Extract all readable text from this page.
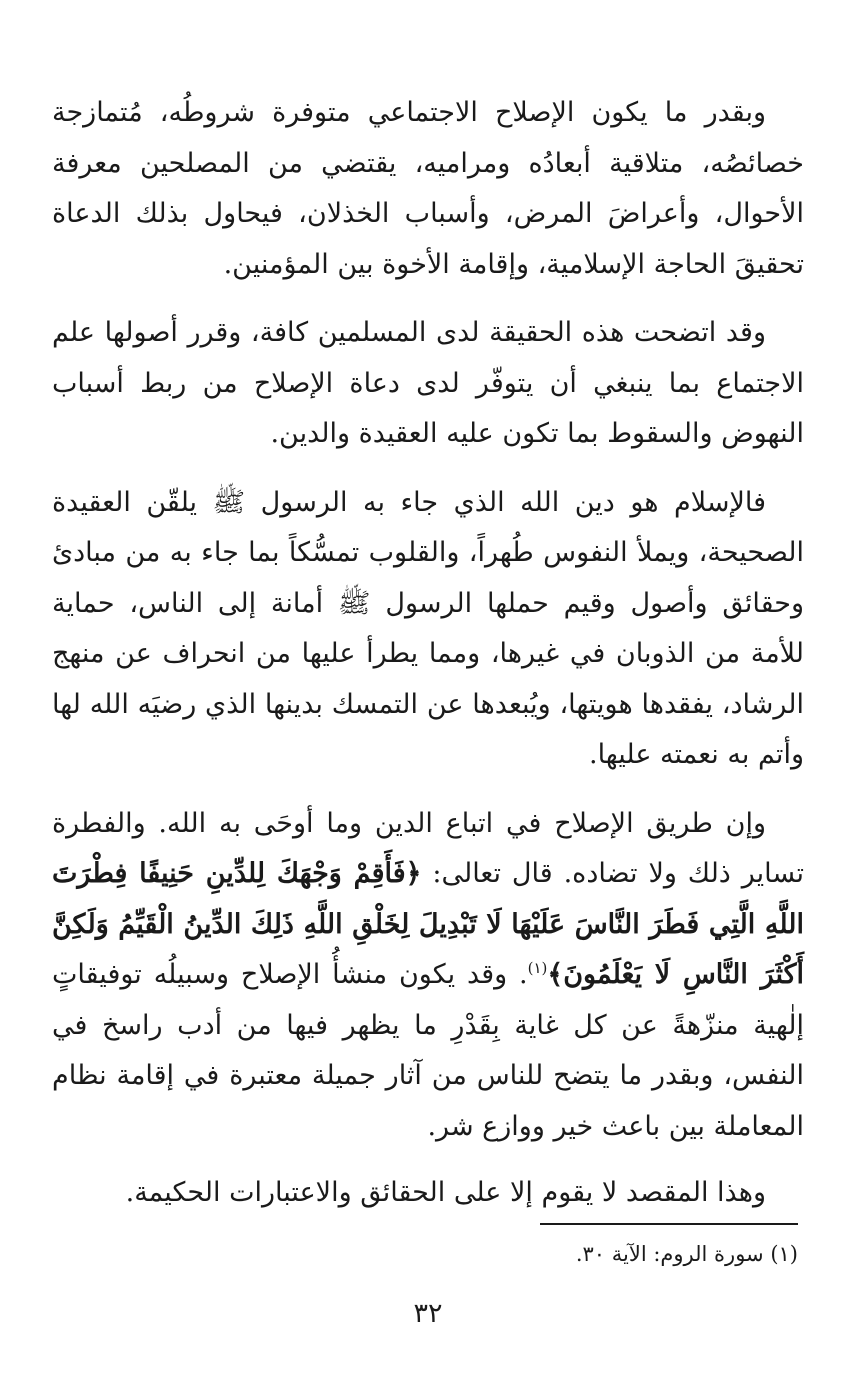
وبقدر ما يكون الإصلاح الاجتماعي متوفرة شروطُه، مُتمازجة خصائصُه، متلاقية أبعادُه ومراميه، يقتضي من المصلحين معرفة الأحوال، وأعراضَ المرض، وأسباب الخذلان، فيحاول بذلك الدعاة تحقيقَ الحاجة الإسلامية، وإقامة الأخوة بين المؤمنين.

وقد اتضحت هذه الحقيقة لدى المسلمين كافة، وقرر أصولها علم الاجتماع بما ينبغي أن يتوفّر لدى دعاة الإصلاح من ربط أسباب النهوض والسقوط بما تكون عليه العقيدة والدين.

فالإسلام هو دين الله الذي جاء به الرسول ﷺ يلقّن العقيدة الصحيحة، ويملأ النفوس طُهراً، والقلوب تمسُّكاً بما جاء به من مبادئ وحقائق وأصول وقيم حملها الرسول ﷺ أمانة إلى الناس، حماية للأمة من الذوبان في غيرها، ومما يطرأ عليها من انحراف عن منهج الرشاد، يفقدها هويتها، ويُبعدها عن التمسك بدينها الذي رضيَه الله لها وأتم به نعمته عليها.

وإن طريق الإصلاح في اتباع الدين وما أوحَى به الله. والفطرة تساير ذلك ولا تضاده. قال تعالى: ﴿فَأَقِمْ وَجْهَكَ لِلدِّينِ حَنِيفًا فِطْرَتَ اللَّهِ الَّتِي فَطَرَ النَّاسَ عَلَيْهَا لَا تَبْدِيلَ لِخَلْقِ اللَّهِ ذَلِكَ الدِّينُ الْقَيِّمُ وَلَكِنَّ أَكْثَرَ النَّاسِ لَا يَعْلَمُونَ﴾$^{(١)}$. وقد يكون منشأُ الإصلاح وسبيلُه توفيقاتٍ إلٰهية منزّهةً عن كل غاية بِقَدْرِ ما يظهر فيها من أدب راسخ في النفس، وبقدر ما يتضح للناس من آثار جميلة معتبرة في إقامة نظام المعاملة بين باعث خير ووازع شر.

وهذا المقصد لا يقوم إلا على الحقائق والاعتبارات الحكيمة.

(١) سورة الروم: الآية ٣٠.
٣٢
